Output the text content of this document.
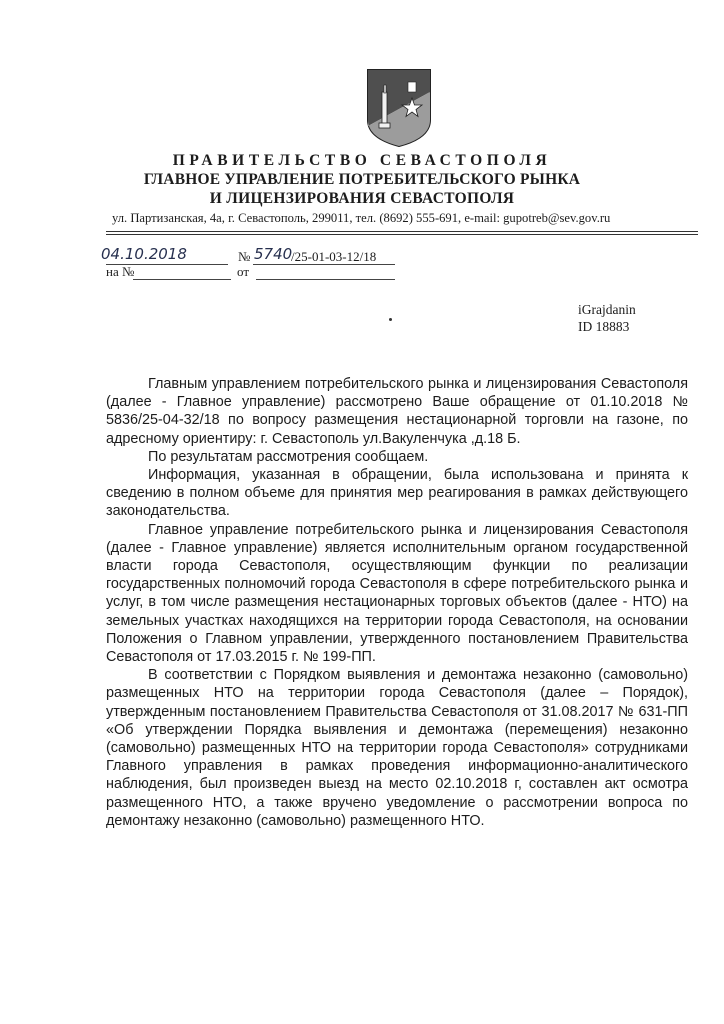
ПРАВИТЕЛЬСТВО СЕВАСТОПОЛЯ
ГЛАВНОЕ УПРАВЛЕНИЕ ПОТРЕБИТЕЛЬСКОГО РЫНКА
И ЛИЦЕНЗИРОВАНИЯ СЕВАСТОПОЛЯ
ул. Партизанская, 4а, г. Севастополь, 299011, тел. (8692) 555-691, e-mail: gupotreb@sev.gov.ru
04.10.2018	№ 5740
/25-01-03-12/18
на №	от
iGrajdanin
ID 18883

Главным управлением потребительского рынка и лицензирования Севастополя (далее - Главное управление) рассмотрено Ваше обращение от 01.10.2018 № 5836/25-04-32/18 по вопросу размещения нестационарной торговли на газоне, по адресному ориентиру: г. Севастополь ул.Вакуленчука ,д.18 Б.

По результатам рассмотрения сообщаем.

Информация, указанная в обращении, была использована и принята к сведению в полном объеме для принятия мер реагирования в рамках действующего законодательства.

Главное управление потребительского рынка и лицензирования Севастополя (далее - Главное управление) является исполнительным органом государственной власти города Севастополя, осуществляющим функции по реализации государственных полномочий города Севастополя в сфере потребительского рынка и услуг, в том числе размещения нестационарных торговых объектов (далее - НТО) на земельных участках находящихся на территории города Севастополя, на основании Положения о Главном управлении, утвержденного постановлением Правительства Севастополя от 17.03.2015 г. № 199-ПП.

В соответствии с Порядком выявления и демонтажа незаконно (самовольно) размещенных НТО на территории города Севастополя (далее – Порядок), утвержденным постановлением Правительства Севастополя от 31.08.2017 № 631-ПП «Об утверждении Порядка выявления и демонтажа (перемещения) незаконно (самовольно) размещенных НТО на территории города Севастополя» сотрудниками Главного управления в рамках проведения информационно-аналитического наблюдения, был произведен выезд на место 02.10.2018 г, составлен акт осмотра размещенного НТО, а также вручено уведомление о рассмотрении вопроса по демонтажу незаконно (самовольно) размещенного НТО.
